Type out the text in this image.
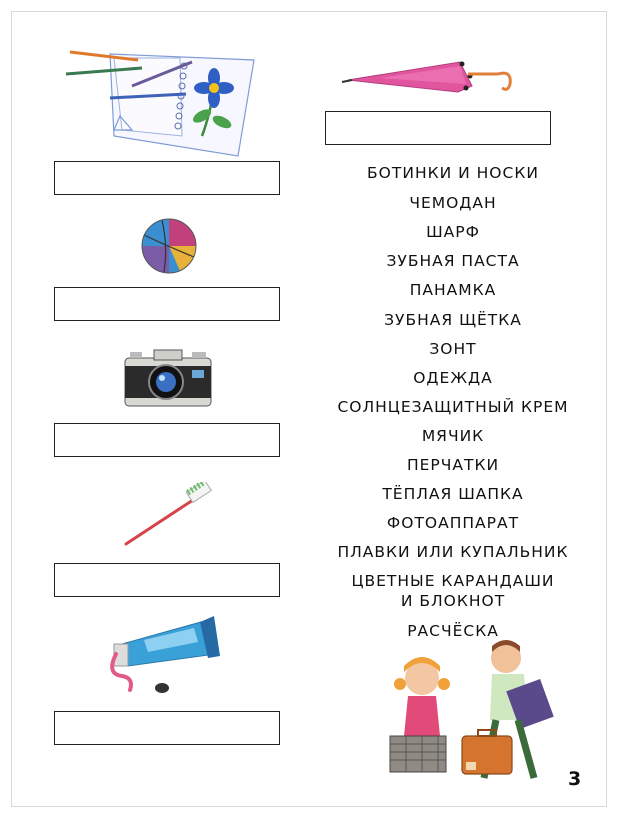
БОТИНКИ И НОСКИ
ЧЕМОДАН
ШАРФ
ЗУБНАЯ ПАСТА
ПАНАМКА
ЗУБНАЯ ЩЁТКА
ЗОНТ
ОДЕЖДА
СОЛНЦЕЗАЩИТНЫЙ КРЕМ
МЯЧИК
ПЕРЧАТКИ
ТЁПЛАЯ ШАПКА
ФОТОАППАРАТ
ПЛАВКИ ИЛИ КУПАЛЬНИК
ЦВЕТНЫЕ КАРАНДАШИ
И БЛОКНОТ
РАСЧЁСКА
3
